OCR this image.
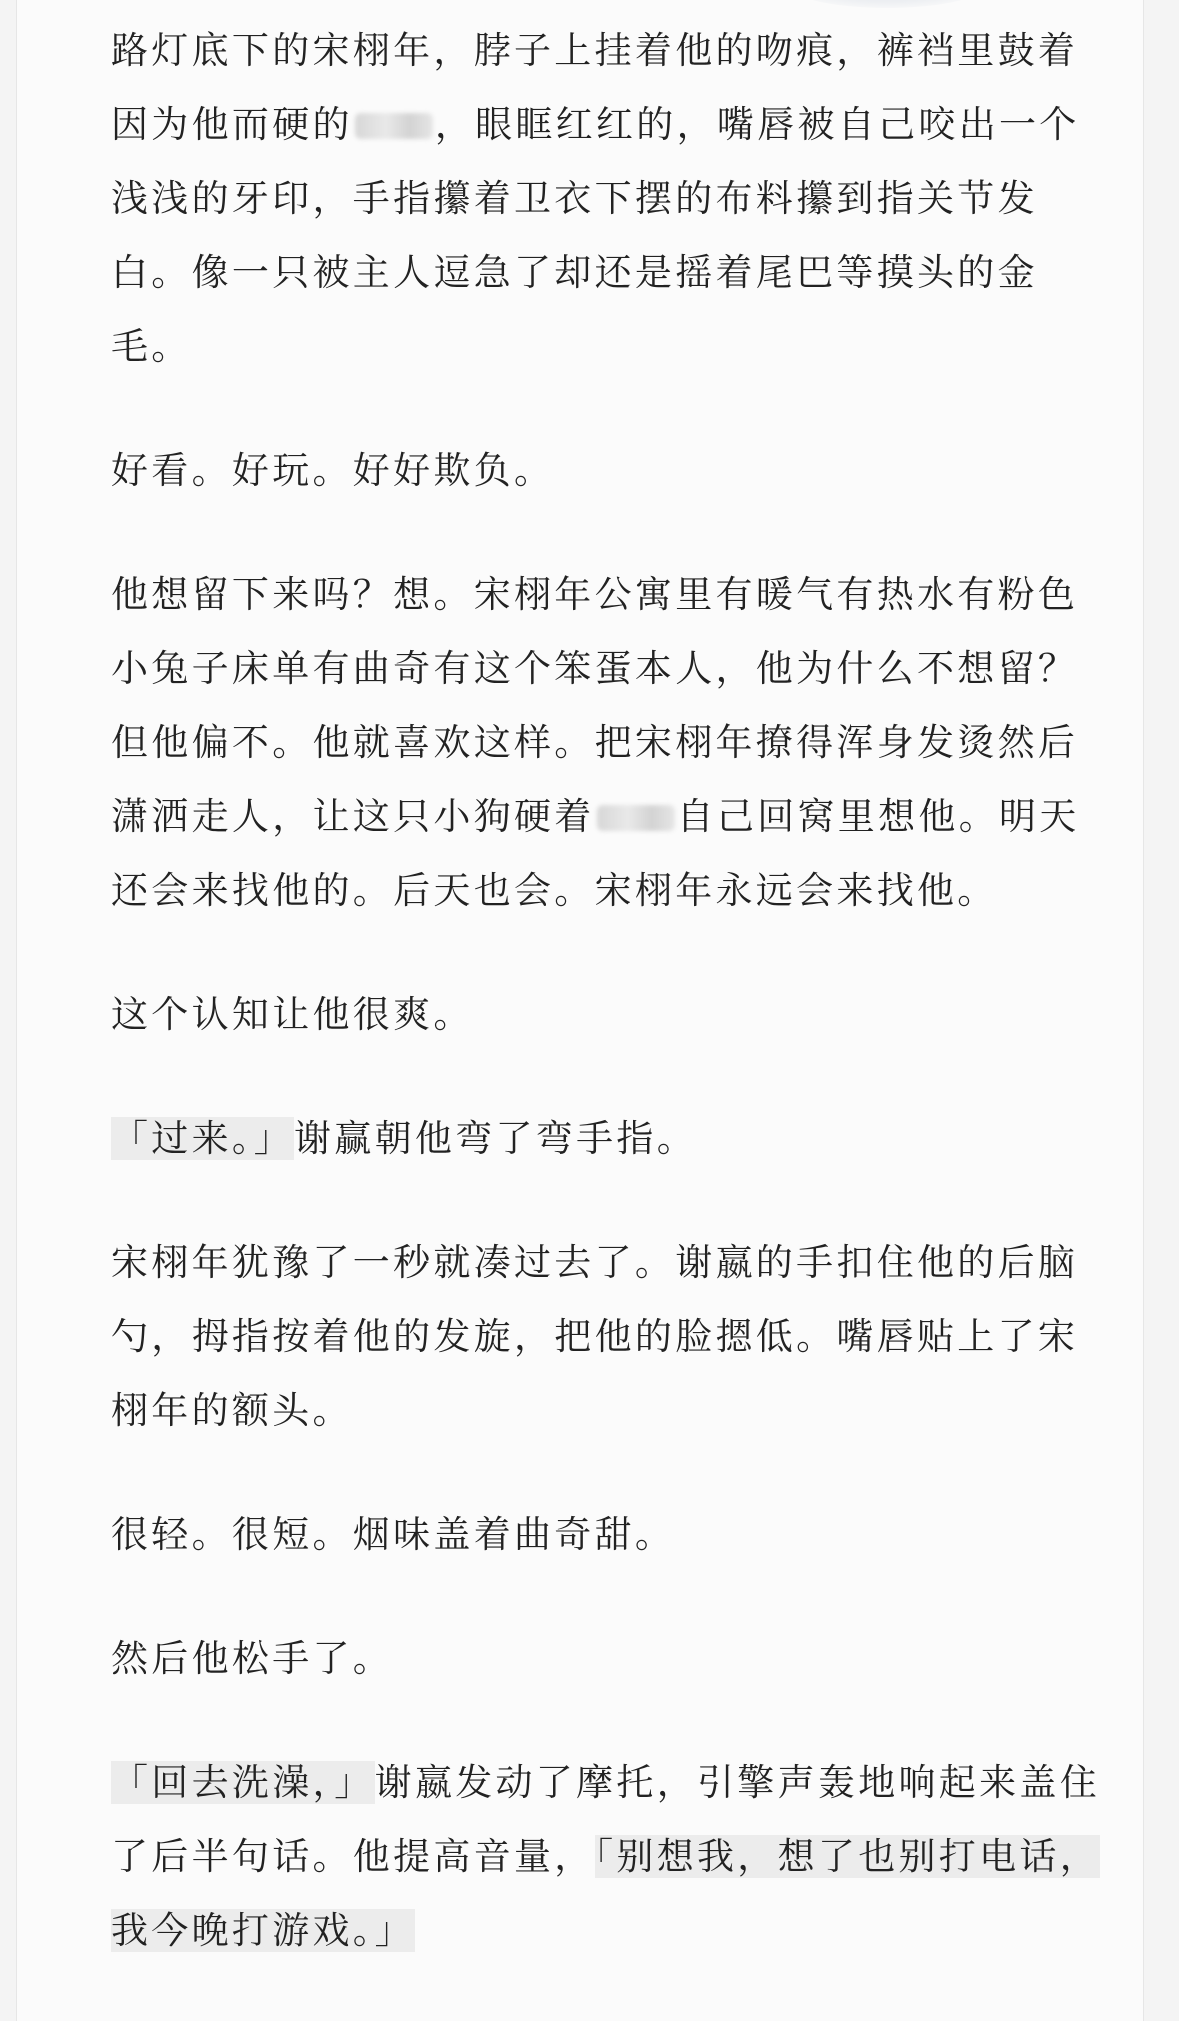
路灯底下的宋栩年，脖子上挂着他的吻痕，裤裆里鼓着因为他而硬的 ，眼眶红红的，嘴唇被自己咬出一个浅浅的牙印，手指攥着卫衣下摆的布料攥到指关节发白。像一只被主人逗急了却还是摇着尾巴等摸头的金毛。

好看。好玩。好好欺负。

他想留下来吗？想。宋栩年公寓里有暖气有热水有粉色小兔子床单有曲奇有这个笨蛋本人，他为什么不想留？但他偏不。他就喜欢这样。把宋栩年撩得浑身发烫然后潇洒走人，让这只小狗硬着 自己回窝里想他。明天还会来找他的。后天也会。宋栩年永远会来找他。

这个认知让他很爽。

「过来。」谢赢朝他弯了弯手指。

宋栩年犹豫了一秒就凑过去了。谢嬴的手扣住他的后脑勺，拇指按着他的发旋，把他的脸摁低。嘴唇贴上了宋栩年的额头。

很轻。很短。烟味盖着曲奇甜。

然后他松手了。

「回去洗澡，」谢嬴发动了摩托，引擎声轰地响起来盖住了后半句话。他提高音量，「别想我，想了也别打电话，我今晚打游戏。」
